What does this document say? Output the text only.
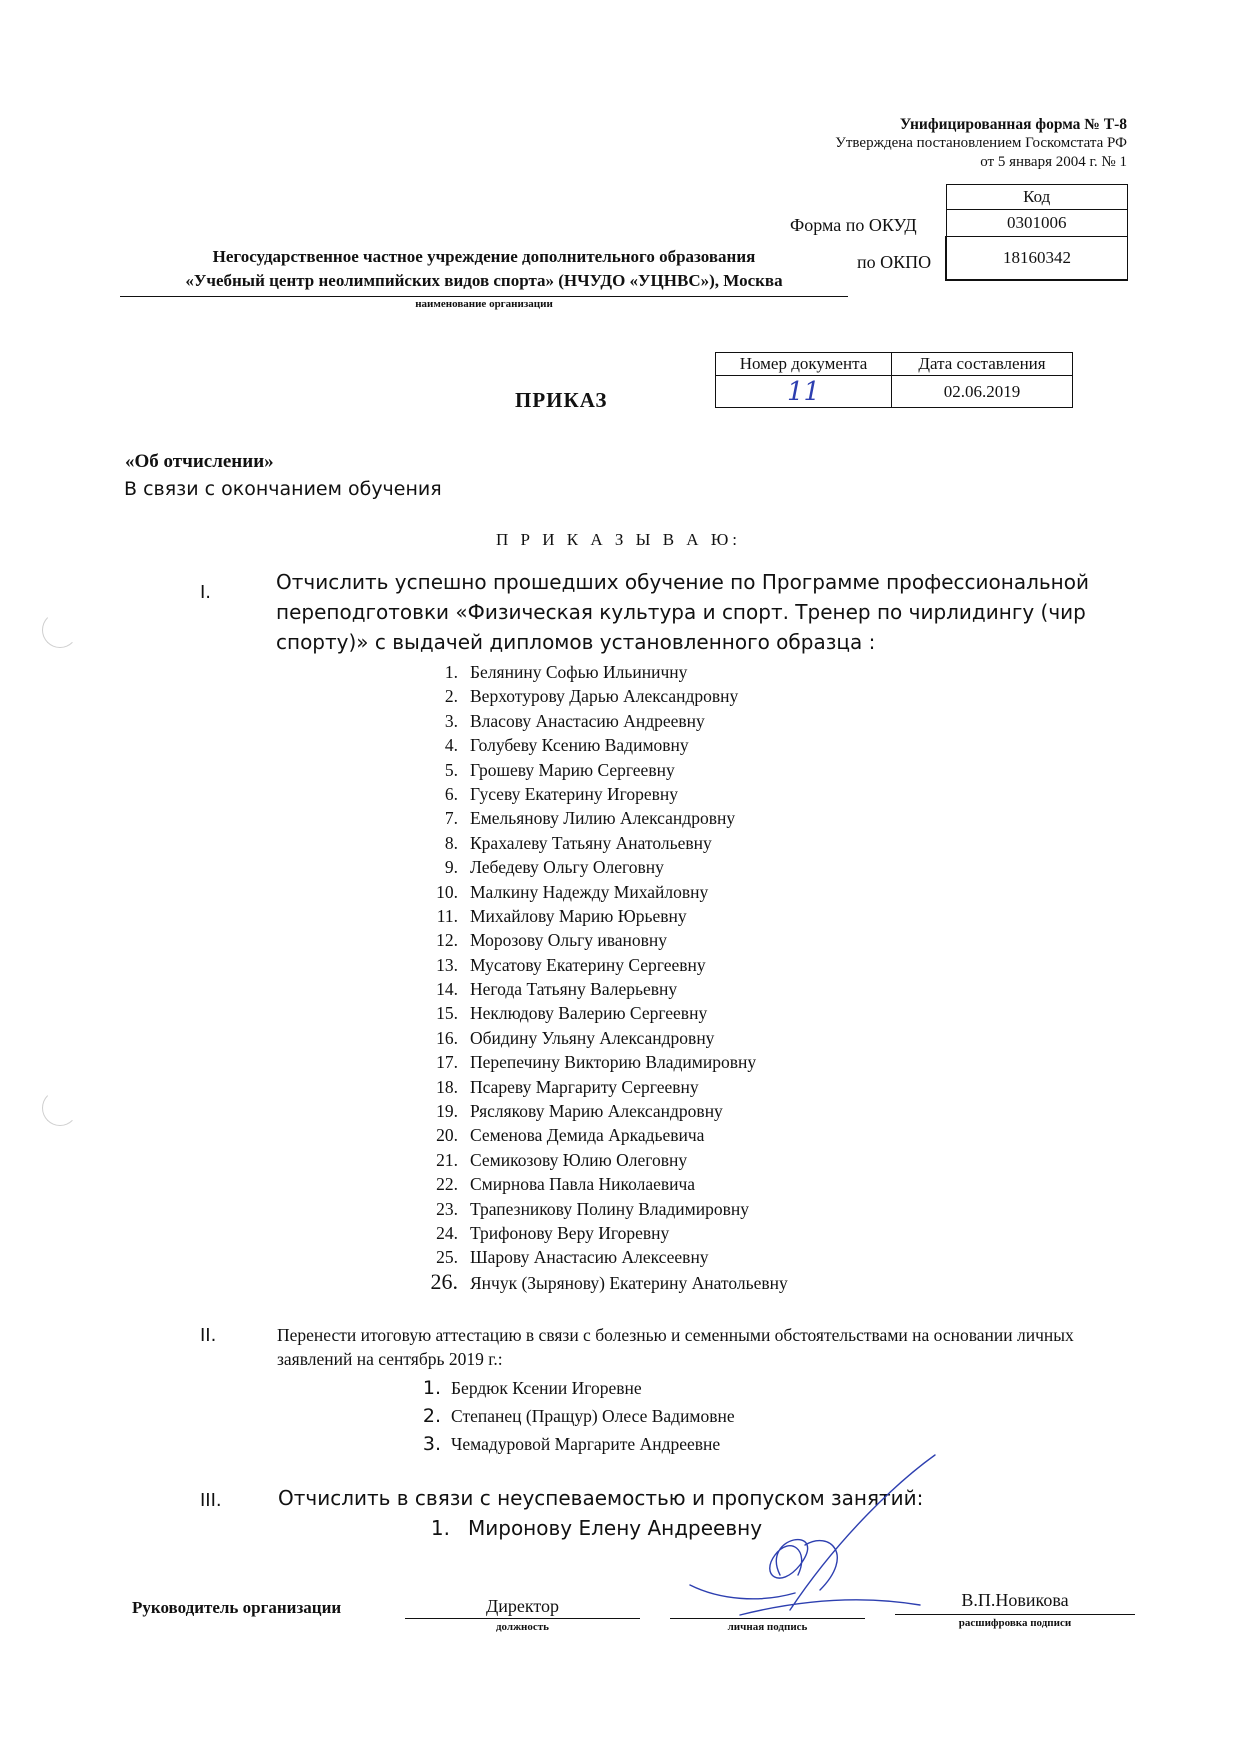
Унифицированная форма № Т-8
Утверждена постановлением Госкомстата РФ
от 5 января 2004 г. № 1
Код
0301006
18160342
Форма по ОКУД
по ОКПО
Негосударственное частное учреждение дополнительного образования
«Учебный центр неолимпийских видов спорта» (НЧУДО «УЦНВС»), Москва
наименование организации
Номер документа	Дата составления
11	02.06.2019
ПРИКАЗ
«Об отчислении»
В связи с окончанием обучения
П Р И К А З Ы В А Ю:
I.	Отчислить успешно прошедших обучение по Программе профессиональной переподготовки «Физическая культура и спорт. Тренер по чирлидингу (чир спорту)» с выдачей дипломов установленного образца :
1. Белянину Софью Ильиничну
2. Верхотурову Дарью Александровну
3. Власову Анастасию Андреевну
4. Голубеву Ксению Вадимовну
5. Грошеву Марию Сергеевну
6. Гусеву Екатерину Игоревну
7. Емельянову Лилию Александровну
8. Крахалеву Татьяну Анатольевну
9. Лебедеву Ольгу Олеговну
10. Малкину Надежду Михайловну
11. Михайлову Марию Юрьевну
12. Морозову Ольгу ивановну
13. Мусатову Екатерину Сергеевну
14. Негода Татьяну Валерьевну
15. Неклюдову Валерию Сергеевну
16. Обидину Ульяну Александровну
17. Перепечину Викторию Владимировну
18. Псареву Маргариту Сергеевну
19. Ряслякову Марию Александровну
20. Семенова Демида Аркадьевича
21. Семикозову Юлию Олеговну
22. Смирнова Павла Николаевича
23. Трапезникову Полину Владимировну
24. Трифонову Веру Игоревну
25. Шарову Анастасию Алексеевну
26. Янчук (Зырянову) Екатерину Анатольевну
II.	Перенести итоговую аттестацию в связи с болезнью и семенными обстоятельствами на основании личных заявлений на сентябрь 2019 г.:
1. Бердюк Ксении Игоревне
2. Степанец (Пращур) Олесе Вадимовне
3. Чемадуровой Маргарите Андреевне
III.	Отчислить в связи с неуспеваемостью и пропуском занятий:
1. Миронову Елену Андреевну
Руководитель организации	Директор
должность	личная подпись
В.П.Новикова
расшифровка подписи
